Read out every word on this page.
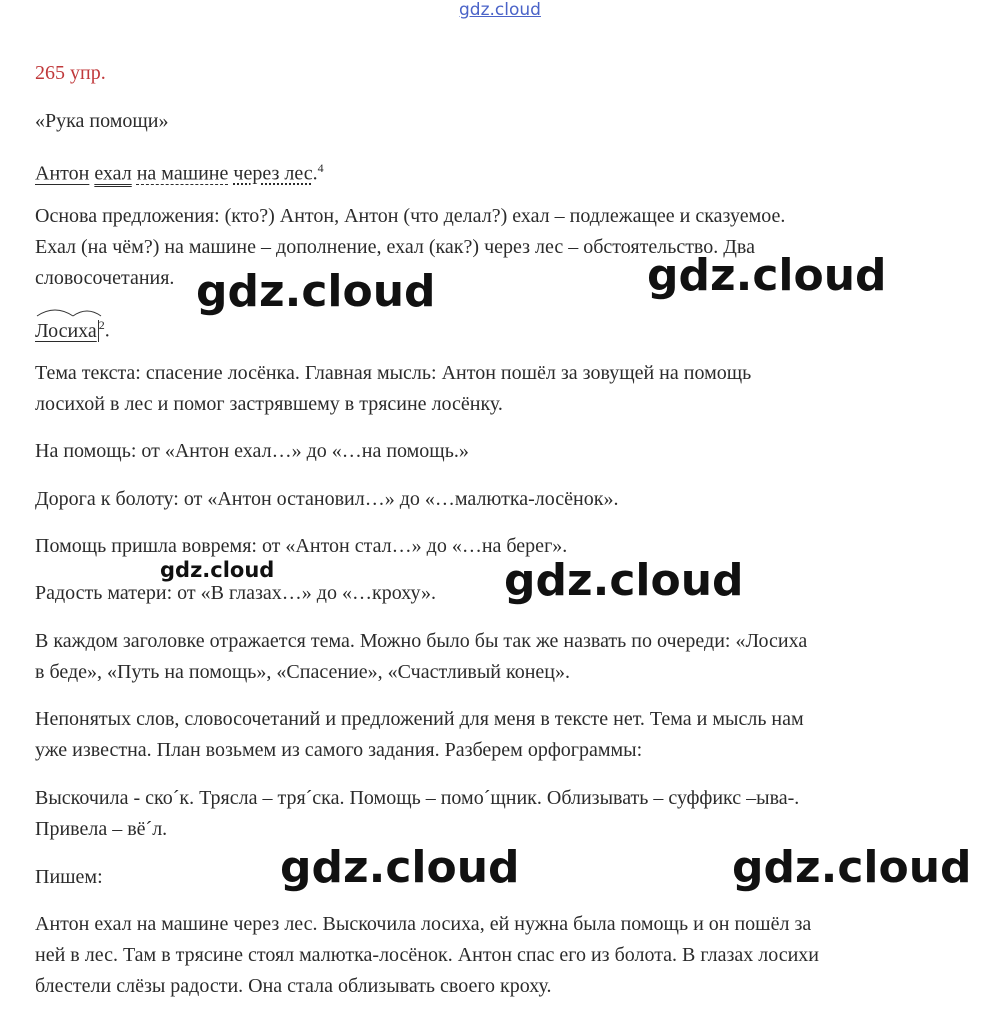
gdz.cloud
265 упр.
«Рука помощи»
Антон ехал на машине через лес.$^4$
Основа предложения: (кто?) Антон, Антон (что делал?) ехал – подлежащее и сказуемое.
Ехал (на чём?) на машине – дополнение, ехал (как?) через лес – обстоятельство. Два
словосочетания.
Лосиха $^2$.
Тема текста: спасение лосёнка. Главная мысль: Антон пошёл за зовущей на помощь
лосихой в лес и помог застрявшему в трясине лосёнку.
На помощь: от «Антон ехал…» до «…на помощь.»
Дорога к болоту: от «Антон остановил…» до «…малютка-лосёнок».
Помощь пришла вовремя: от «Антон стал…» до «…на берег».
Радость матери: от «В глазах…» до «…кроху».
В каждом заголовке отражается тема. Можно было бы так же назвать по очереди: «Лосиха
в беде», «Путь на помощь», «Спасение», «Счастливый конец».
Непонятых слов, словосочетаний и предложений для меня в тексте нет. Тема и мысль нам
уже известна. План возьмем из самого задания. Разберем орфограммы:
Выскочила - ско´к. Трясла – тря´ска. Помощь – помо´щник. Облизывать – суффикс –ыва-.
Привела – вё´л.
Пишем:
Антон ехал на машине через лес. Выскочила лосиха, ей нужна была помощь и он пошёл за
ней в лес. Там в трясине стоял малютка-лосёнок. Антон спас его из болота. В глазах лосихи
блестели слёзы радости. Она стала облизывать своего кроху.
gdz.cloud	gdz.cloud
gdz.cloud	gdz.cloud
gdz.cloud	gdz.cloud
